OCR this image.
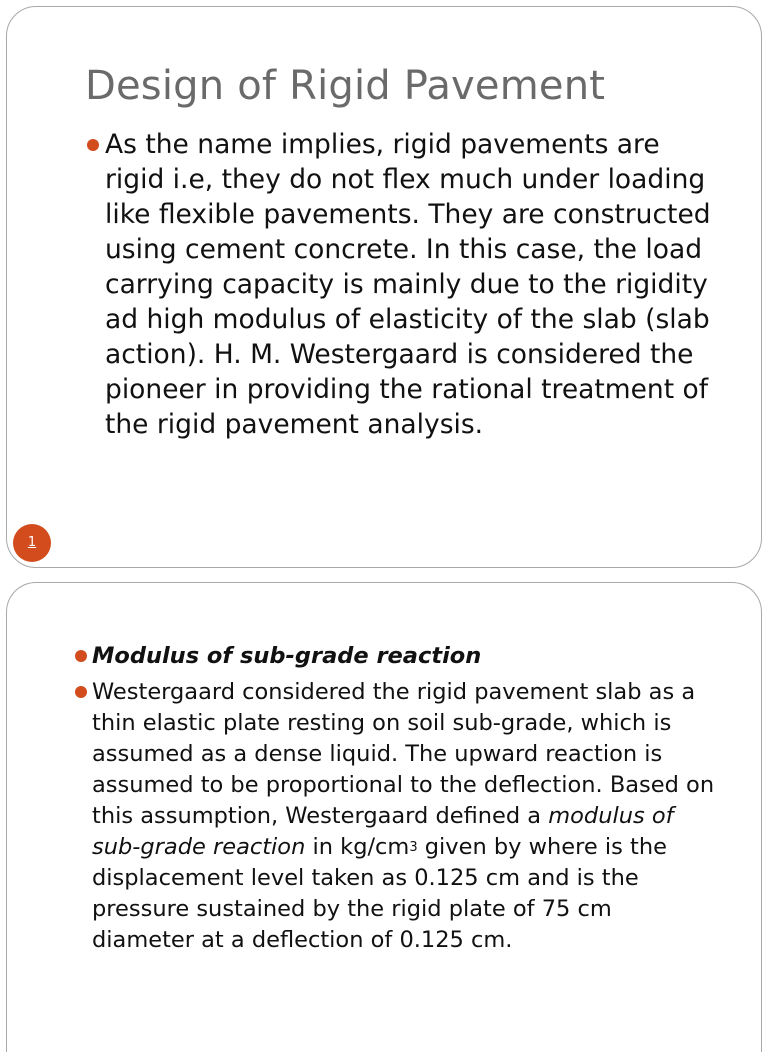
Design of Rigid Pavement
As the name implies, rigid pavements are rigid i.e, they do not flex much under loading like flexible pavements. They are constructed using cement concrete. In this case, the load carrying capacity is mainly due to the rigidity ad high modulus of elasticity of the slab (slab action). H. M. Westergaard is considered the pioneer in providing the rational treatment of the rigid pavement analysis.
1
Modulus of sub-grade reaction
Westergaard considered the rigid pavement slab as a thin elastic plate resting on soil sub-grade, which is assumed as a dense liquid. The upward reaction is assumed to be proportional to the deflection. Based on this assumption, Westergaard defined a modulus of sub-grade reaction in $kg/cm^3$ given by where is the displacement level taken as 0.125 cm and is the pressure sustained by the rigid plate of 75 cm diameter at a deflection of 0.125 cm.
